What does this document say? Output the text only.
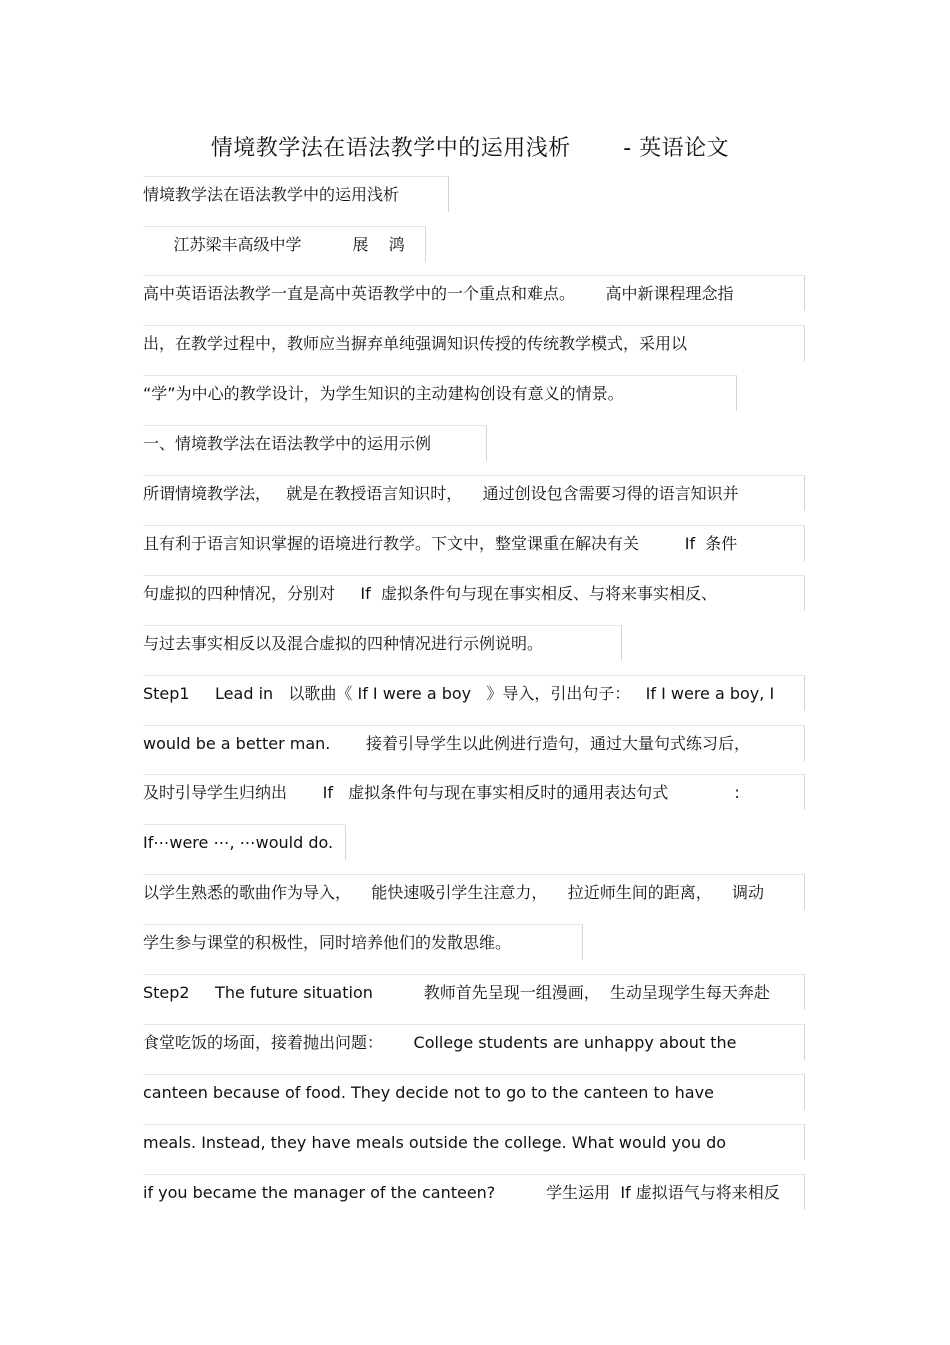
情境教学法在语法教学中的运用浅析       - 英语论文
情境教学法在语法教学中的运用浅析
江苏梁丰高级中学          展    鸿
高中英语语法教学一直是高中英语教学中的一个重点和难点。      高中新课程理念指
出，在教学过程中，教师应当摒弃单纯强调知识传授的传统教学模式，采用以
“学”为中心的教学设计，为学生知识的主动建构创设有意义的情景。
一、情境教学法在语法教学中的运用示例
所谓情境教学法，   就是在教授语言知识时，    通过创设包含需要习得的语言知识并
且有利于语言知识掌握的语境进行教学。下文中，整堂课重在解决有关         If  条件
句虚拟的四种情况，分别对     If  虚拟条件句与现在事实相反、与将来事实相反、
与过去事实相反以及混合虚拟的四种情况进行示例说明。
Step1     Lead in   以歌曲《 If I were a boy   》导入，引出句子：   If I were a boy, I
would be a better man.       接着引导学生以此例进行造句，通过大量句式练习后，
及时引导学生归纳出       If   虚拟条件句与现在事实相反时的通用表达句式             :
If⋯were ⋯, ⋯would do.
以学生熟悉的歌曲作为导入，    能快速吸引学生注意力，    拉近师生间的距离，    调动
学生参与课堂的积极性，同时培养他们的发散思维。
Step2     The future situation          教师首先呈现一组漫画，  生动呈现学生每天奔赴
食堂吃饭的场面，接着抛出问题：      College students are unhappy about the
canteen because of food. They decide not to go to the canteen to have
meals. Instead, they have meals outside the college. What would you do
if you became the manager of the canteen?          学生运用  If 虚拟语气与将来相反
